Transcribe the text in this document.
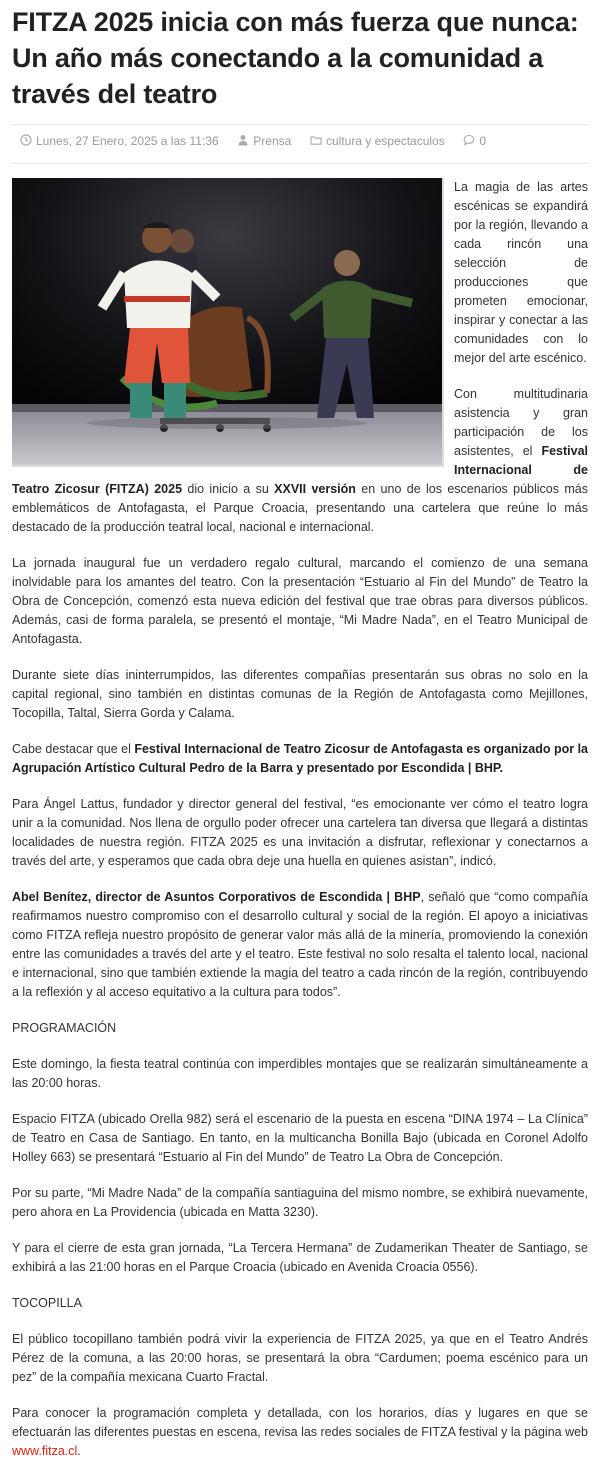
FITZA 2025 inicia con más fuerza que nunca: Un año más conectando a la comunidad a través del teatro
Lunes, 27 Enero, 2025 a las 11:36	Prensa	cultura y espectaculos	0

La magia de las artes escénicas se expandirá por la región, llevando a cada rincón una selección de producciones que prometen emocionar, inspirar y conectar a las comunidades con lo mejor del arte escénico.

Con multitudinaria asistencia y gran participación de los asistentes, el Festival Internacional de Teatro Zicosur (FITZA) 2025 dio inicio a su XXVII versión en uno de los escenarios públicos más emblemáticos de Antofagasta, el Parque Croacia, presentando una cartelera que reúne lo más destacado de la producción teatral local, nacional e internacional.

La jornada inaugural fue un verdadero regalo cultural, marcando el comienzo de una semana inolvidable para los amantes del teatro. Con la presentación “Estuario al Fin del Mundo” de Teatro la Obra de Concepción, comenzó esta nueva edición del festival que trae obras para diversos públicos. Además, casi de forma paralela, se presentó el montaje, “Mi Madre Nada”, en el Teatro Municipal de Antofagasta.

Durante siete días ininterrumpidos, las diferentes compañías presentarán sus obras no solo en la capital regional, sino también en distintas comunas de la Región de Antofagasta como Mejillones, Tocopilla, Taltal, Sierra Gorda y Calama.

Cabe destacar que el Festival Internacional de Teatro Zicosur de Antofagasta es organizado por la Agrupación Artístico Cultural Pedro de la Barra y presentado por Escondida | BHP.

Para Ángel Lattus, fundador y director general del festival, “es emocionante ver cómo el teatro logra unir a la comunidad. Nos llena de orgullo poder ofrecer una cartelera tan diversa que llegará a distintas localidades de nuestra región. FITZA 2025 es una invitación a disfrutar, reflexionar y conectarnos a través del arte, y esperamos que cada obra deje una huella en quienes asistan”, indicó.

Abel Benítez, director de Asuntos Corporativos de Escondida | BHP, señaló que “como compañía reafirmamos nuestro compromiso con el desarrollo cultural y social de la región. El apoyo a iniciativas como FITZA refleja nuestro propósito de generar valor más allá de la minería, promoviendo la conexión entre las comunidades a través del arte y el teatro. Este festival no solo resalta el talento local, nacional e internacional, sino que también extiende la magia del teatro a cada rincón de la región, contribuyendo a la reflexión y al acceso equitativo a la cultura para todos”.

PROGRAMACIÓN

Este domingo, la fiesta teatral continúa con imperdibles montajes que se realizarán simultáneamente a las 20:00 horas.

Espacio FITZA (ubicado Orella 982) será el escenario de la puesta en escena “DINA 1974 – La Clínica” de Teatro en Casa de Santiago. En tanto, en la multicancha Bonilla Bajo (ubicada en Coronel Adolfo Holley 663) se presentará “Estuario al Fin del Mundo” de Teatro La Obra de Concepción.

Por su parte, “Mi Madre Nada” de la compañía santiaguina del mismo nombre, se exhibirá nuevamente, pero ahora en La Providencia (ubicada en Matta 3230).

Y para el cierre de esta gran jornada, “La Tercera Hermana” de Zudamerikan Theater de Santiago, se exhibirá a las 21:00 horas en el Parque Croacia (ubicado en Avenida Croacia 0556).

TOCOPILLA

El público tocopillano también podrá vivir la experiencia de FITZA 2025, ya que en el Teatro Andrés Pérez de la comuna, a las 20:00 horas, se presentará la obra “Cardumen; poema escénico para un pez” de la compañía mexicana Cuarto Fractal.

Para conocer la programación completa y detallada, con los horarios, días y lugares en que se efectuarán las diferentes puestas en escena, revisa las redes sociales de FITZA festival y la página web www.fitza.cl.
